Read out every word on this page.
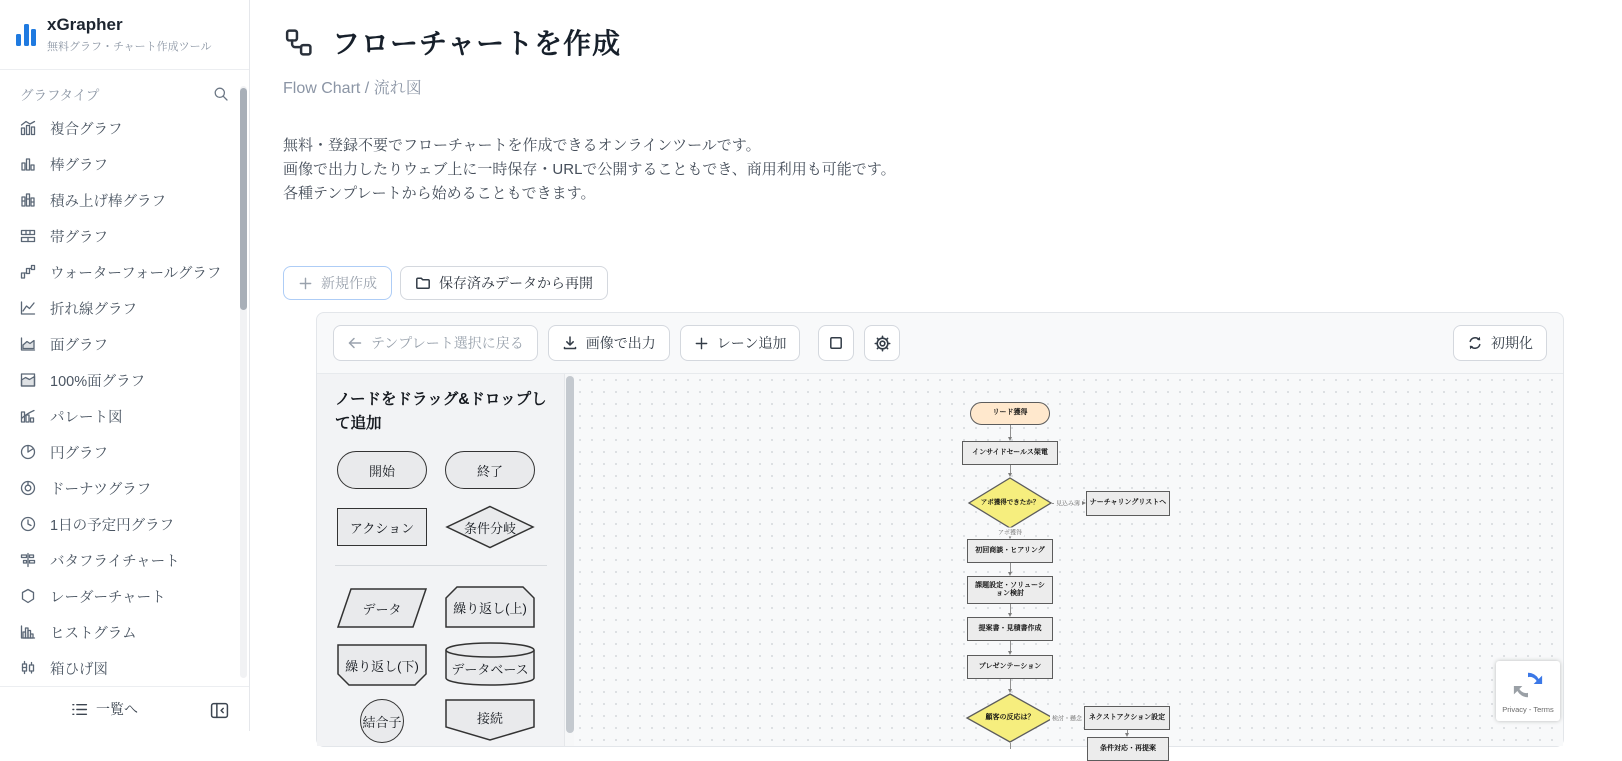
xGrapher
無料グラフ・チャート作成ツール
グラフタイプ
複合グラフ
棒グラフ
積み上げ棒グラフ
帯グラフ
ウォーターフォールグラフ
折れ線グラフ
面グラフ
100%面グラフ
パレート図
円グラフ
ドーナツグラフ
1日の予定円グラフ
バタフライチャート
レーダーチャート
ヒストグラム
箱ひげ図
一覧へ
フローチャートを作成
Flow Chart / 流れ図
無料・登録不要でフローチャートを作成できるオンラインツールです。
画像で出力したりウェブ上に一時保存・URLで公開することもでき、商用利用も可能です。
各種テンプレートから始めることもできます。
新規作成	保存済みデータから再開
テンプレート選択に戻る	画像で出力	レーン追加	初期化
ノードをドラッグ&ドロップして追加
開始	終了
アクション	条件分岐
データ	繰り返し(上)
繰り返し(下)	データベース
結合子	接続
リード獲得
インサイドセールス架電
アポ獲得できたか？	見込み薄 ナーチャリングリストへ
アポ獲得
初回商談・ヒアリング
課題設定・ソリューション検討
提案書・見積書作成
プレゼンテーション
顧客の反応は？	検討・懸念 ネクストアクション設定
条件対応・再提案
Privacy - Terms
